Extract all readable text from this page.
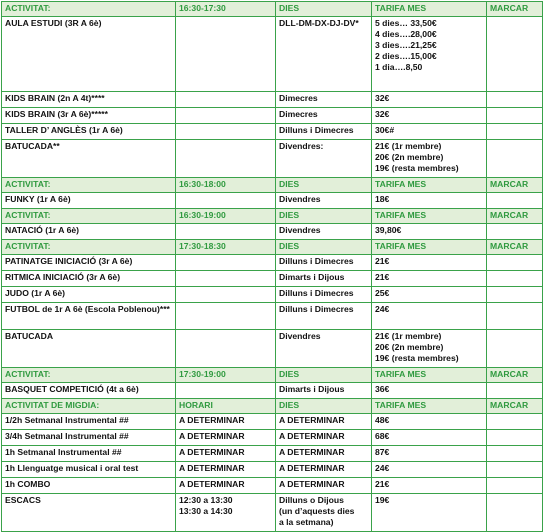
ACTIVITAT:	16:30-17:30	DIES	TARIFA MES	MARCAR
AULA ESTUDI (3R A 6è)		DLL-DM-DX-DJ-DV*	5 dies… 33,50€
4 dies….28,00€
3 dies….21,25€
2 dies….15,00€
1 dia….8,50	

KIDS BRAIN (2n A 4t)****		Dimecres	32€	

KIDS BRAIN (3r A 6è)*****		Dimecres	32€	

TALLER D’ ANGLÈS (1r A 6è)		Dilluns i Dimecres	30€#	

BATUCADA**		Divendres:	21€ (1r membre)
20€ (2n membre)
19€ (resta membres)	

ACTIVITAT:	16:30-18:00	DIES	TARIFA MES	MARCAR
FUNKY (1r A 6è)		Divendres	18€	

ACTIVITAT:	16:30-19:00	DIES	TARIFA MES	MARCAR
NATACIÓ (1r A 6è)		Divendres	39,80€	

ACTIVITAT:	17:30-18:30	DIES	TARIFA MES	MARCAR
PATINATGE INICIACIÓ (3r A 6è)		Dilluns i Dimecres	21€	

RITMICA INICIACIÓ (3r A 6è)		Dimarts i Dijous	21€	

JUDO (1r A 6è)		Dilluns i Dimecres	25€	

FUTBOL de 1r A 6è (Escola Poblenou)***		Dilluns i Dimecres	24€	

BATUCADA		Divendres	21€ (1r membre)
20€ (2n membre)
19€ (resta membres)	

ACTIVITAT:	17:30-19:00	DIES	TARIFA MES	MARCAR
BASQUET COMPETICIÓ (4t a 6è)		Dimarts i Dijous	36€	

ACTIVITAT DE MIGDIA:	HORARI	DIES	TARIFA MES	MARCAR
1/2h Setmanal Instrumental ##	A DETERMINAR	A DETERMINAR	48€	

3/4h Setmanal Instrumental ##	A DETERMINAR	A DETERMINAR	68€	

1h Setmanal Instrumental ##	A DETERMINAR	A DETERMINAR	87€	

1h Llenguatge musical i oral test	A DETERMINAR	A DETERMINAR	24€	

1h COMBO	A DETERMINAR	A DETERMINAR	21€	

ESCACS	12:30 a 13:30
13:30 a 14:30	Dilluns o Dijous
(un d’aquests dies
a la setmana)	19€	
